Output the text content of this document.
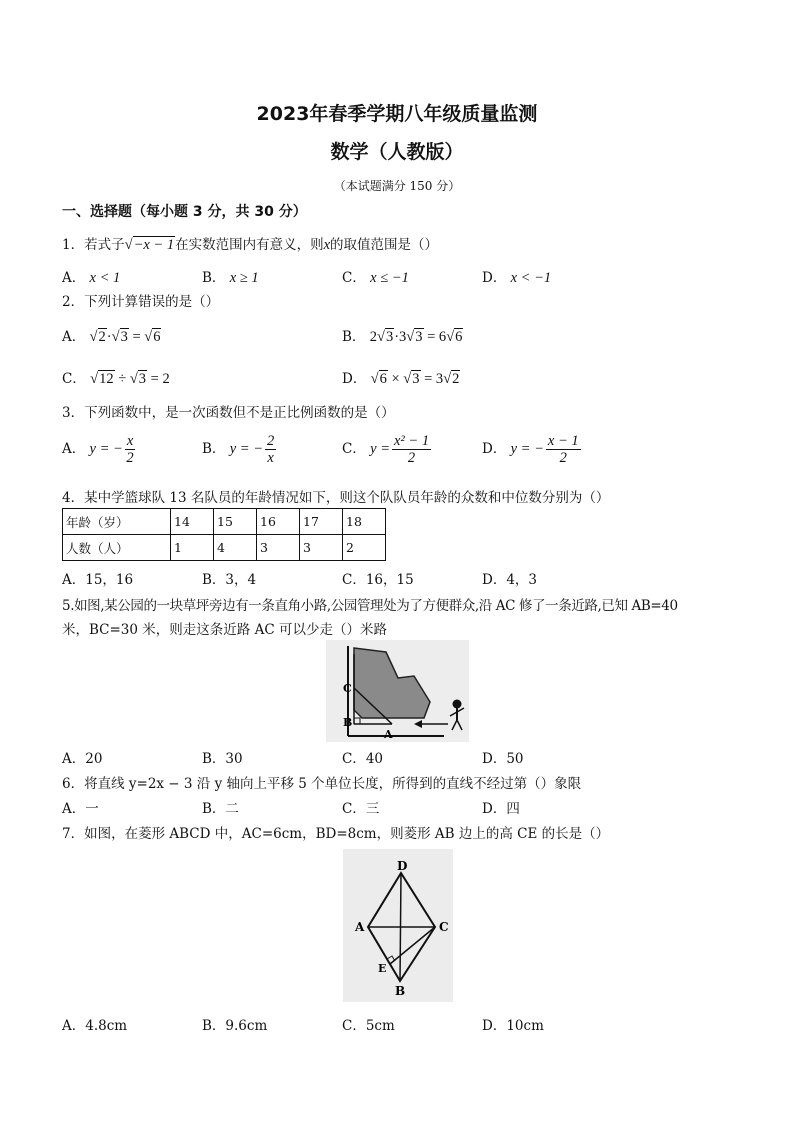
2023年春季学期八年级质量监测
数学（人教版）
（本试题满分 150 分）
一、选择题（每小题 3 分，共 30 分）
1．若式子√−x − 1在实数范围内有意义，则x的取值范围是（）
A． x < 1	B． x ≥ 1	C． x ≤ −1	D． x < −1
2．下列计算错误的是（）
A． √2·√3 = √6	B． 2√3·3√3 = 6√6
C． √12 ÷ √3 = 2	D． √6 × √3 = 3√2
3．下列函数中，是一次函数但不是正比例函数的是（）
A． y = − $\frac{x}{2}$	B． y = − $\frac{2}{x}$	C． $y = \frac{\text{x² − 1}}{2}$	D． y = − $\frac{x - 1}{2}$
4．某中学篮球队 13 名队员的年龄情况如下，则这个队队员年龄的众数和中位数分别为（）
年龄（岁）	14	15	16	17	18
人数（人）	1	4	3	3	2
A．15，16	B．3，4	C．16，15	D．4，3
5.如图,某公园的一块草坪旁边有一条直角小路,公园管理处为了方便群众,沿 AC 修了一条近路,已知 AB=40
米，BC=30 米，则走这条近路 AC 可以少走（）米路
C
B
A
A．20	B．30	C．40	D．50
6．将直线 y=2x − 3 沿 y 轴向上平移 5 个单位长度，所得到的直线不经过第（）象限
A．一	B．二	C．三	D．四
7．如图，在菱形 ABCD 中，AC=6cm，BD=8cm，则菱形 AB 边上的高 CE 的长是（）
D
A	C
E
B
A．4.8cm	B．9.6cm	C．5cm	D．10cm
